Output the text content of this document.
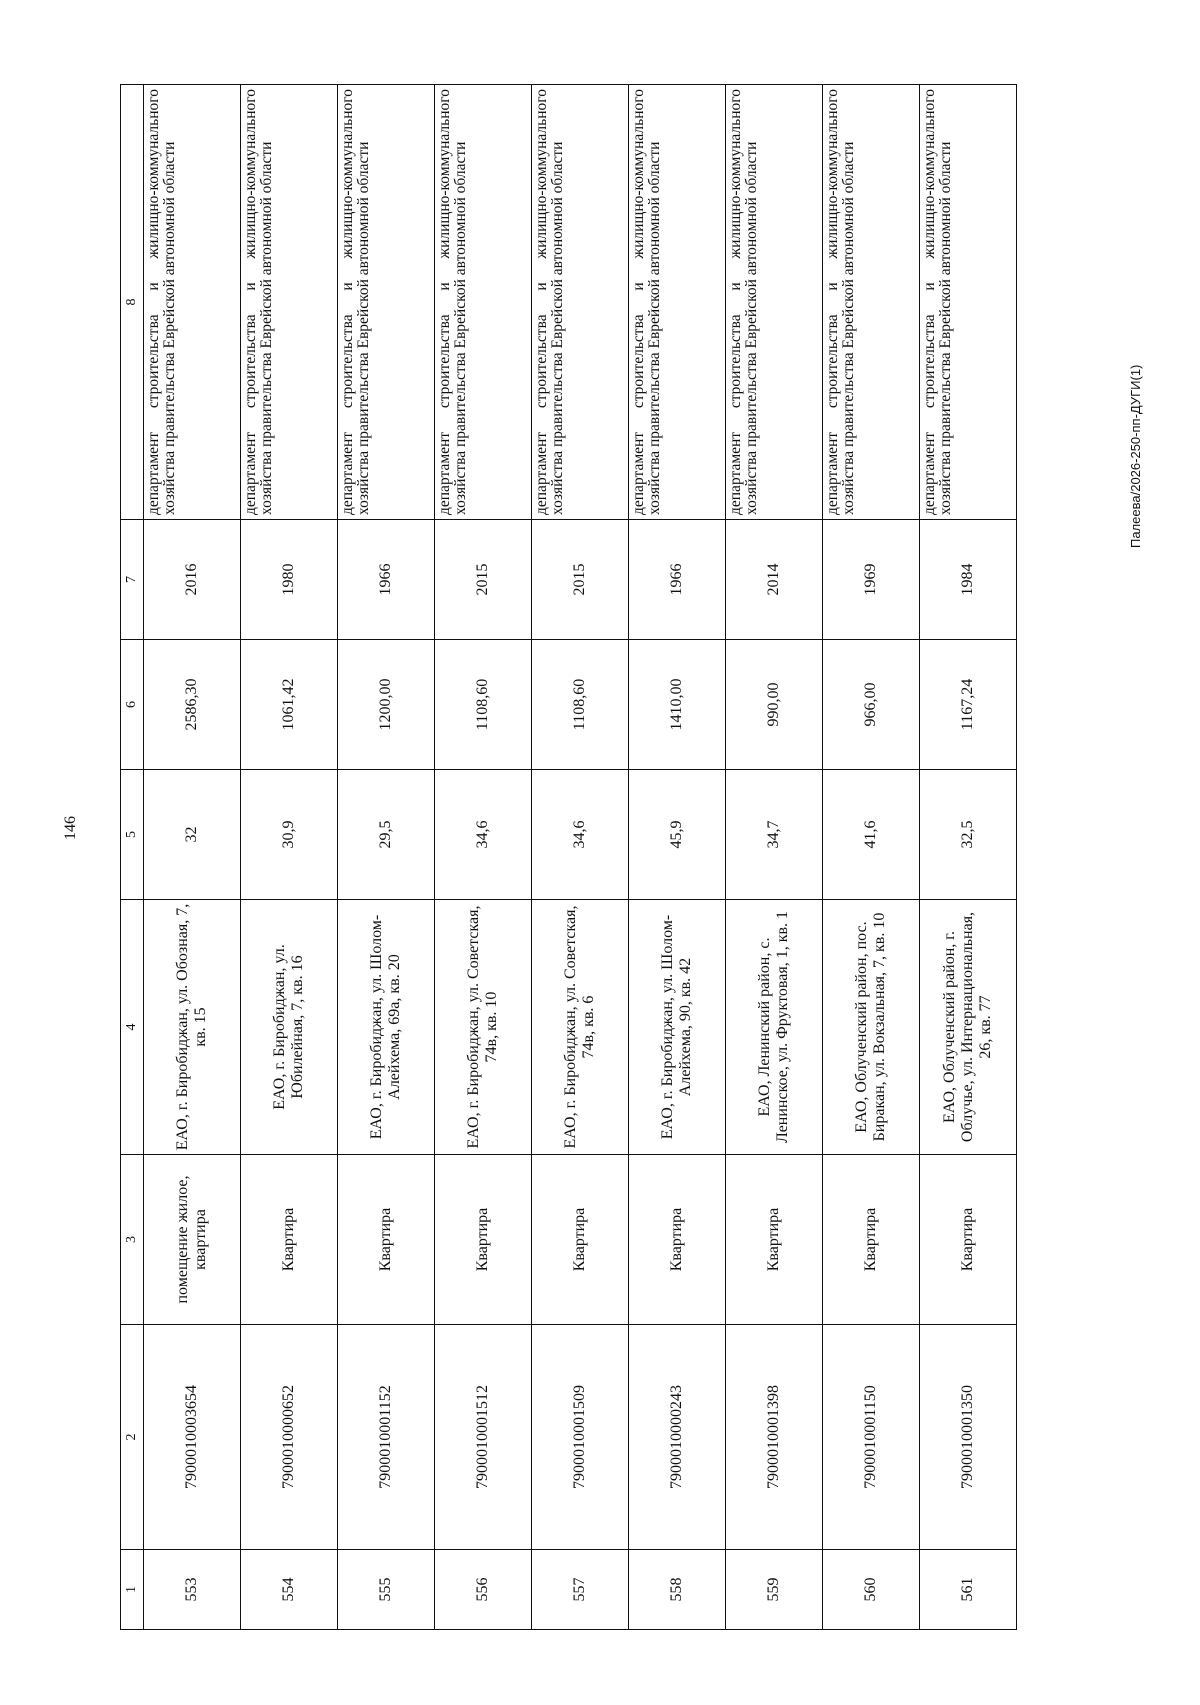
146
1	2	3	4	5	6	7	8
553	7900010003654	помещение жилое, квартира	ЕАО, г. Биробиджан, ул. Обозная, 7, кв. 15	32	2586,30	2016	департамент строительства и жилищно-коммунального хозяйства правительства Еврейской автономной области
554	7900010000652	Квартира	ЕАО, г. Биробиджан, ул. Юбилейная, 7, кв. 16	30,9	1061,42	1980	департамент строительства и жилищно-коммунального хозяйства правительства Еврейской автономной области
555	7900010001152	Квартира	ЕАО, г. Биробиджан, ул. Шолом-Алейхема, 69а, кв. 20	29,5	1200,00	1966	департамент строительства и жилищно-коммунального хозяйства правительства Еврейской автономной области
556	7900010001512	Квартира	ЕАО, г. Биробиджан, ул. Советская, 74в, кв. 10	34,6	1108,60	2015	департамент строительства и жилищно-коммунального хозяйства правительства Еврейской автономной области
557	7900010001509	Квартира	ЕАО, г. Биробиджан, ул. Советская, 74в, кв. 6	34,6	1108,60	2015	департамент строительства и жилищно-коммунального хозяйства правительства Еврейской автономной области
558	7900010000243	Квартира	ЕАО, г. Биробиджан, ул. Шолом-Алейхема, 90, кв. 42	45,9	1410,00	1966	департамент строительства и жилищно-коммунального хозяйства правительства Еврейской автономной области
559	7900010001398	Квартира	ЕАО, Ленинский район, с. Ленинское, ул. Фруктовая, 1, кв. 1	34,7	990,00	2014	департамент строительства и жилищно-коммунального хозяйства правительства Еврейской автономной области
560	7900010001150	Квартира	ЕАО, Облученский район, пос. Биракан, ул. Вокзальная, 7, кв. 10	41,6	966,00	1969	департамент строительства и жилищно-коммунального хозяйства правительства Еврейской автономной области
561	7900010001350	Квартира	ЕАО, Облученский район, г. Облучье, ул. Интернациональная, 26, кв. 77	32,5	1167,24	1984	департамент строительства и жилищно-коммунального хозяйства правительства Еврейской автономной области	Палеева/2026-250-пп-ДУГИ(1)
